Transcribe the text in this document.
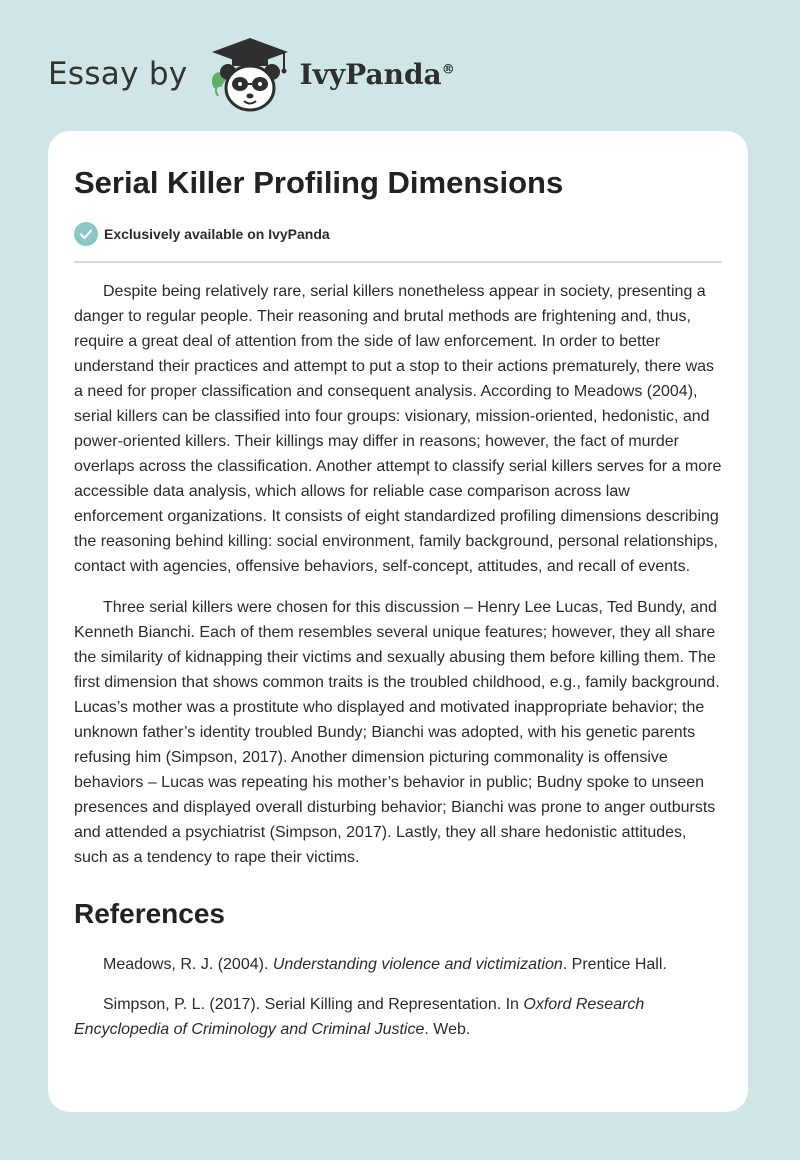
Essay by	IvyPanda®
Serial Killer Profiling Dimensions
Exclusively available on IvyPanda

Despite being relatively rare, serial killers nonetheless appear in society, presenting a danger to regular people. Their reasoning and brutal methods are frightening and, thus, require a great deal of attention from the side of law enforcement. In order to better understand their practices and attempt to put a stop to their actions prematurely, there was a need for proper classification and consequent analysis. According to Meadows (2004), serial killers can be classified into four groups: visionary, mission-oriented, hedonistic, and power-oriented killers. Their killings may differ in reasons; however, the fact of murder overlaps across the classification. Another attempt to classify serial killers serves for a more accessible data analysis, which allows for reliable case comparison across law enforcement organizations. It consists of eight standardized profiling dimensions describing the reasoning behind killing: social environment, family background, personal relationships, contact with agencies, offensive behaviors, self-concept, attitudes, and recall of events.

Three serial killers were chosen for this discussion – Henry Lee Lucas, Ted Bundy, and Kenneth Bianchi. Each of them resembles several unique features; however, they all share the similarity of kidnapping their victims and sexually abusing them before killing them. The first dimension that shows common traits is the troubled childhood, e.g., family background. Lucas’s mother was a prostitute who displayed and motivated inappropriate behavior; the unknown father’s identity troubled Bundy; Bianchi was adopted, with his genetic parents refusing him (Simpson, 2017). Another dimension picturing commonality is offensive behaviors – Lucas was repeating his mother’s behavior in public; Budny spoke to unseen presences and displayed overall disturbing behavior; Bianchi was prone to anger outbursts and attended a psychiatrist (Simpson, 2017). Lastly, they all share hedonistic attitudes, such as a tendency to rape their victims.

References

Meadows, R. J. (2004). Understanding violence and victimization. Prentice Hall.

Simpson, P. L. (2017). Serial Killing and Representation. In Oxford Research Encyclopedia of Criminology and Criminal Justice. Web.
